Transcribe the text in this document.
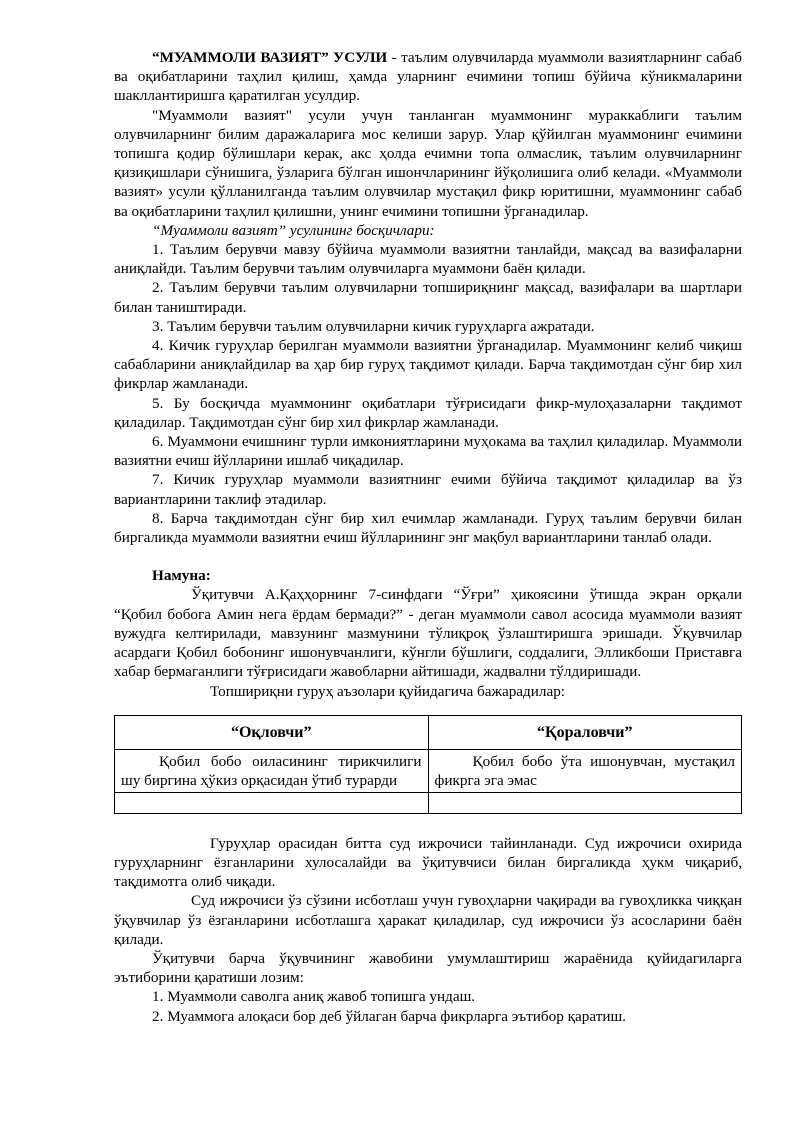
“МУАММОЛИ ВАЗИЯТ” УСУЛИ - таълим олувчиларда муаммоли вазиятларнинг сабаб ва оқибатларини таҳлил қилиш, ҳамда уларнинг ечимини топиш бўйича кўникмаларини шакллантиришга қаратилган усулдир.

"Муаммоли вазият" усули учун танланган муаммонинг мураккаблиги таълим олувчиларнинг билим даражаларига мос келиши зарур. Улар қўйилган муаммонинг ечимини топишга қодир бўлишлари керак, акс ҳолда ечимни топа олмаслик, таълим олувчиларнинг қизиқишлари сўнишига, ўзларига бўлган ишончларининг йўқолишига олиб келади. «Муаммоли вазият» усули қўлланилганда таълим олувчилар мустақил фикр юритишни, муаммонинг сабаб ва оқибатларини таҳлил қилишни, унинг ечимини топишни ўрганадилар.

“Муаммоли вазият” усулининг босқичлари:

1. Таълим берувчи мавзу бўйича муаммоли вазиятни танлайди, мақсад ва вазифаларни аниқлайди. Таълим берувчи таълим олувчиларга муаммони баён қилади.

2. Таълим берувчи таълим олувчиларни топшириқнинг мақсад, вазифалари ва шартлари билан таништиради.

3. Таълим берувчи таълим олувчиларни кичик гуруҳларга ажратади.

4. Кичик гуруҳлар берилган муаммоли вазиятни ўрганадилар. Муаммонинг келиб чиқиш сабабларини аниқлайдилар ва ҳар бир гуруҳ тақдимот қилади. Барча тақдимотдан сўнг бир хил фикрлар жамланади.

5. Бу босқичда муаммонинг оқибатлари тўғрисидаги фикр-мулоҳазаларни тақдимот қиладилар. Тақдимотдан сўнг бир хил фикрлар жамланади.

6. Муаммони ечишнинг турли имкониятларини муҳокама ва таҳлил қиладилар. Муаммоли вазиятни ечиш йўлларини ишлаб чиқадилар.

7. Кичик гуруҳлар муаммоли вазиятнинг ечими бўйича тақдимот қиладилар ва ўз вариантларини таклиф этадилар.

8. Барча тақдимотдан сўнг бир хил ечимлар жамланади. Гуруҳ таълим берувчи билан биргаликда муаммоли вазиятни ечиш йўлларининг энг мақбул вариантларини танлаб олади.

Намуна:

Ўқитувчи А.Қаҳҳорнинг 7-синфдаги “Ўғри” ҳикоясини ўтишда экран орқали “Қобил бобога Амин нега ёрдам бермади?” - деган муаммоли савол асосида муаммоли вазият вужудга келтирилади, мавзунинг мазмунини тўлиқроқ ўзлаштиришга эришади. Ўқувчилар асардаги Қобил бобонинг ишонувчанлиги, кўнгли бўшлиги, соддалиги, Элликбоши Приставга хабар бермаганлиги тўғрисидаги жавобларни айтишади, жадвални тўлдиришади.

Топшириқни гуруҳ аъзолари қуйидагича бажарадилар:

“Оқловчи”	“Қораловчи”
Қобил бобо оиласининг тирикчилиги шу биргина ҳўкиз орқасидан ўтиб турарди	Қобил бобо ўта ишонувчан, мустақил фикрга эга эмас

Гуруҳлар орасидан битта суд ижрочиси тайинланади. Суд ижрочиси охирида гуруҳларнинг ёзганларини хулосалайди ва ўқитувчиси билан биргаликда ҳукм чиқариб, тақдимотга олиб чиқади.

Суд ижрочиси ўз сўзини исботлаш учун гувоҳларни чақиради ва гувоҳликка чиққан ўқувчилар ўз ёзганларини исботлашга ҳаракат қиладилар, суд ижрочиси ўз асосларини баён қилади.

Ўқитувчи барча ўқувчининг жавобини умумлаштириш жараёнида қуйидагиларга эътиборини қаратиши лозим:

1. Муаммоли саволга аниқ жавоб топишга ундаш.

2. Муаммога алоқаси бор деб ўйлаган барча фикрларга эътибор қаратиш.
